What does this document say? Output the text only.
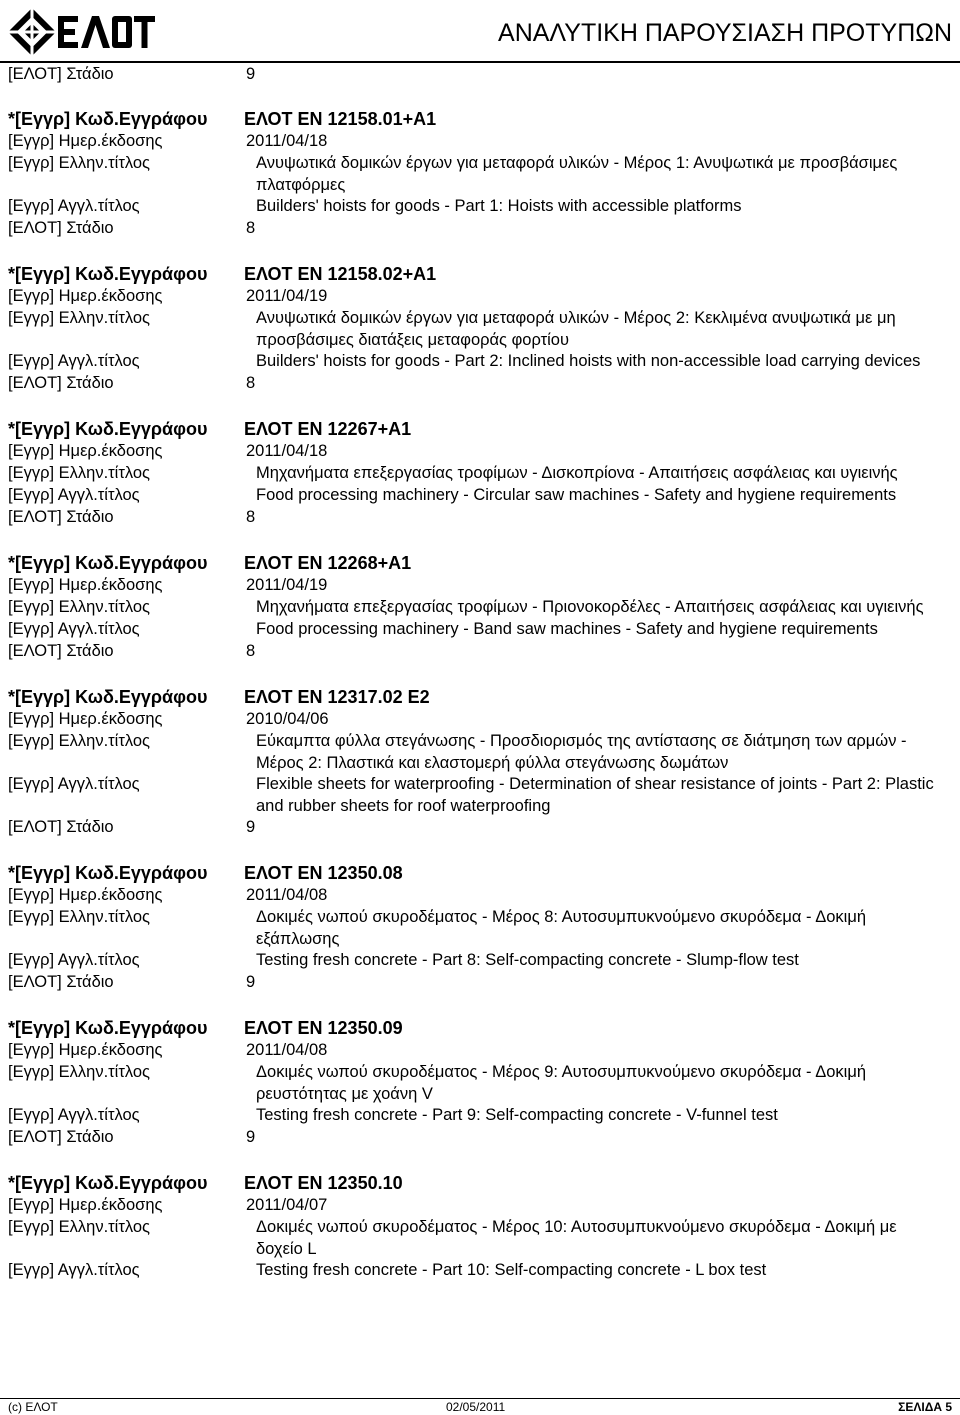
ΑΝΑΛΥΤΙΚΗ ΠΑΡΟΥΣΙΑΣΗ ΠΡΟΤΥΠΩΝ
[ΕΛΟΤ] Στάδιο	9
*[Εγγρ] Κωδ.Εγγράφου ΕΛΟΤ ΕΝ 12158.01+A1
[Εγγρ] Ημερ.έκδοσης	2011/04/18
[Εγγρ] Ελλην.τίτλος	Ανυψωτικά δομικών έργων για μεταφορά υλικών - Μέρος 1: Ανυψωτικά με προσβάσιμες πλατφόρμες
[Εγγρ] Αγγλ.τίτλος	Builders' hoists for goods - Part 1: Hoists with accessible platforms
[ΕΛΟΤ] Στάδιο	8
*[Εγγρ] Κωδ.Εγγράφου ΕΛΟΤ ΕΝ 12158.02+A1
[Εγγρ] Ημερ.έκδοσης	2011/04/19
[Εγγρ] Ελλην.τίτλος	Ανυψωτικά δομικών έργων για μεταφορά υλικών - Μέρος 2: Κεκλιμένα ανυψωτικά με μη προσβάσιμες διατάξεις μεταφοράς φορτίου
[Εγγρ] Αγγλ.τίτλος	Builders' hoists for goods - Part 2: Inclined hoists with non-accessible load carrying devices
[ΕΛΟΤ] Στάδιο	8
*[Εγγρ] Κωδ.Εγγράφου ΕΛΟΤ ΕΝ 12267+A1
[Εγγρ] Ημερ.έκδοσης	2011/04/18
[Εγγρ] Ελλην.τίτλος	Μηχανήματα επεξεργασίας τροφίμων - Δισκοπρίονα - Απαιτήσεις ασφάλειας και υγιεινής
[Εγγρ] Αγγλ.τίτλος	Food processing machinery - Circular saw machines - Safety and hygiene requirements
[ΕΛΟΤ] Στάδιο	8
*[Εγγρ] Κωδ.Εγγράφου ΕΛΟΤ ΕΝ 12268+A1
[Εγγρ] Ημερ.έκδοσης	2011/04/19
[Εγγρ] Ελλην.τίτλος	Μηχανήματα επεξεργασίας τροφίμων - Πριονοκορδέλες - Απαιτήσεις ασφάλειας και υγιεινής
[Εγγρ] Αγγλ.τίτλος	Food processing machinery - Band saw machines - Safety and hygiene requirements
[ΕΛΟΤ] Στάδιο	8
*[Εγγρ] Κωδ.Εγγράφου ΕΛΟΤ ΕΝ 12317.02 E2
[Εγγρ] Ημερ.έκδοσης	2010/04/06
[Εγγρ] Ελλην.τίτλος	Εύκαμπτα φύλλα στεγάνωσης - Προσδιορισμός της αντίστασης σε διάτμηση των αρμών - Μέρος 2: Πλαστικά και ελαστομερή φύλλα στεγάνωσης δωμάτων
[Εγγρ] Αγγλ.τίτλος	Flexible sheets for waterproofing - Determination of shear resistance of joints - Part 2: Plastic and rubber sheets for roof waterproofing
[ΕΛΟΤ] Στάδιο	9
*[Εγγρ] Κωδ.Εγγράφου ΕΛΟΤ ΕΝ 12350.08
[Εγγρ] Ημερ.έκδοσης	2011/04/08
[Εγγρ] Ελλην.τίτλος	Δοκιμές νωπού σκυροδέματος - Μέρος 8: Αυτοσυμπυκνούμενο σκυρόδεμα - Δοκιμή εξάπλωσης
[Εγγρ] Αγγλ.τίτλος	Testing fresh concrete - Part 8: Self-compacting concrete - Slump-flow test
[ΕΛΟΤ] Στάδιο	9
*[Εγγρ] Κωδ.Εγγράφου ΕΛΟΤ ΕΝ 12350.09
[Εγγρ] Ημερ.έκδοσης	2011/04/08
[Εγγρ] Ελλην.τίτλος	Δοκιμές νωπού σκυροδέματος - Μέρος 9: Αυτοσυμπυκνούμενο σκυρόδεμα - Δοκιμή ρευστότητας με χοάνη V
[Εγγρ] Αγγλ.τίτλος	Testing fresh concrete - Part 9: Self-compacting concrete - V-funnel test
[ΕΛΟΤ] Στάδιο	9
*[Εγγρ] Κωδ.Εγγράφου ΕΛΟΤ ΕΝ 12350.10
[Εγγρ] Ημερ.έκδοσης	2011/04/07
[Εγγρ] Ελλην.τίτλος	Δοκιμές νωπού σκυροδέματος - Μέρος 10: Αυτοσυμπυκνούμενο σκυρόδεμα - Δοκιμή με δοχείο L
[Εγγρ] Αγγλ.τίτλος	Testing fresh concrete - Part 10: Self-compacting concrete - L box test
(c) ΕΛΟΤ	02/05/2011	ΣΕΛΙΔΑ 5
